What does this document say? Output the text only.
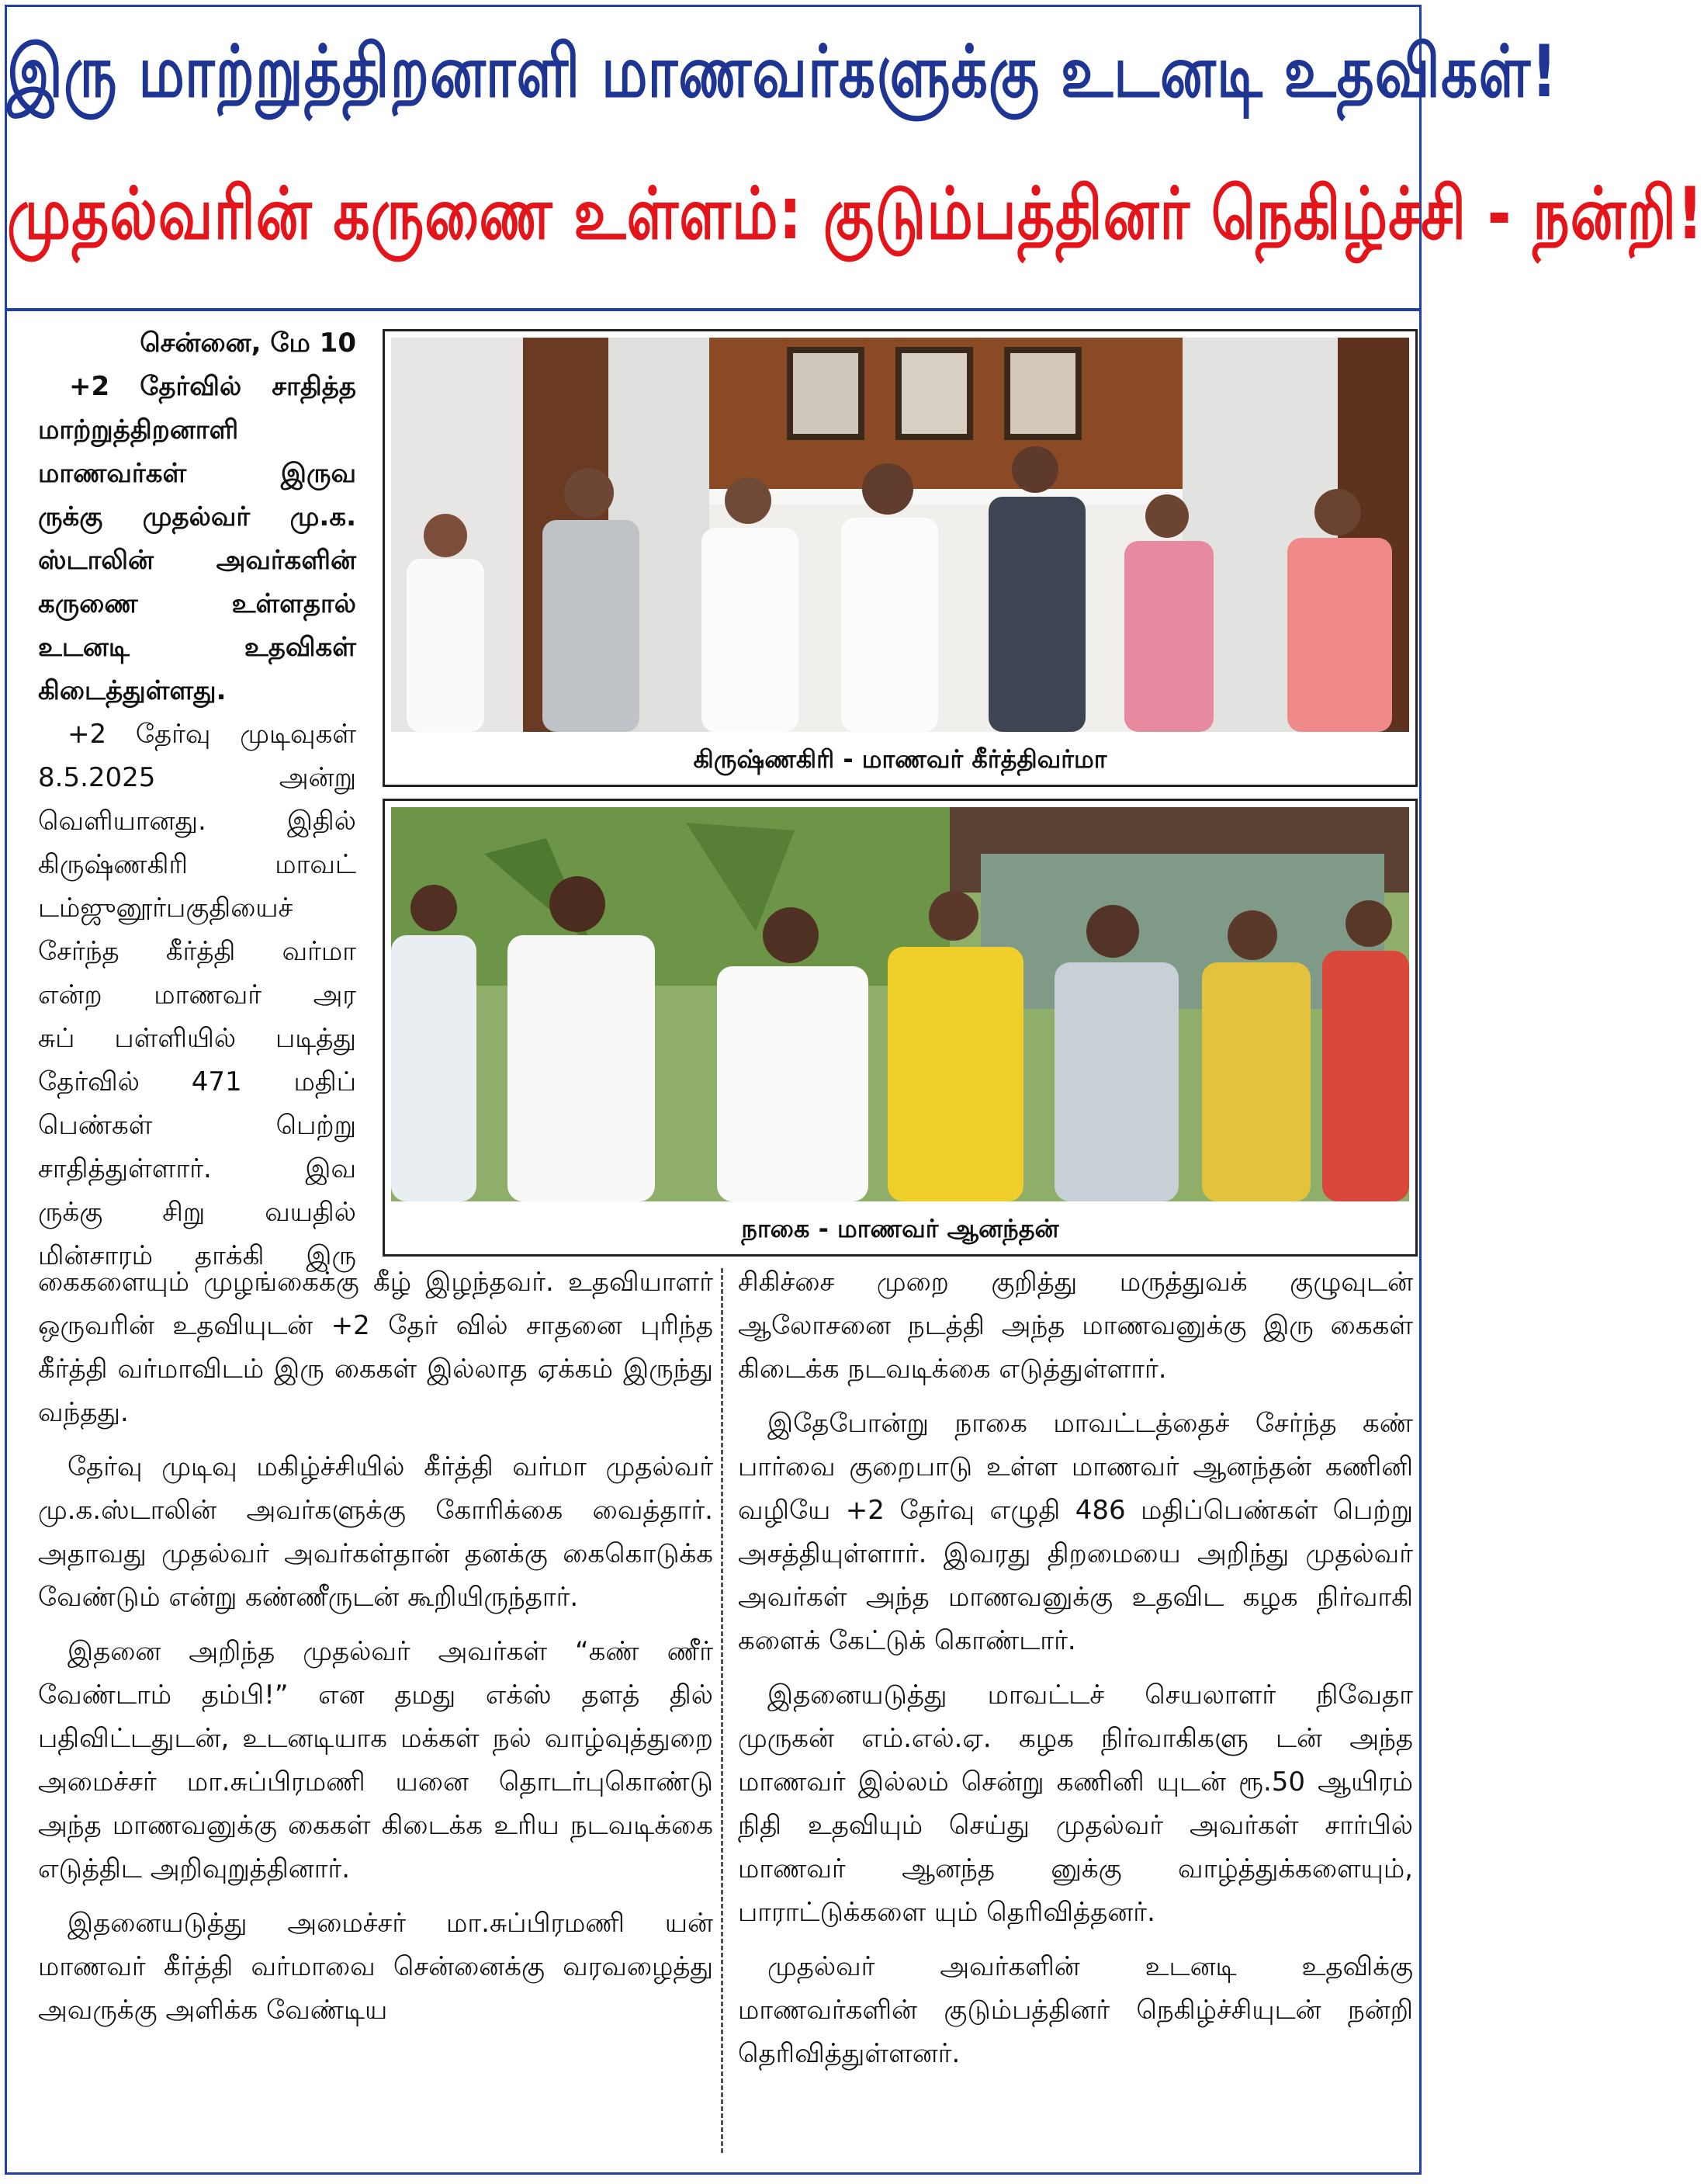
இரு மாற்றுத்திறனாளி மாணவர்களுக்கு உடனடி உதவிகள்!
முதல்வரின் கருணை உள்ளம்: குடும்பத்தினர் நெகிழ்ச்சி - நன்றி!

சென்னை, மே 10

+2 தேர்வில் சாதித்த

மாற்றுத்திறனாளி

மாணவர்கள் இருவ

ருக்கு முதல்வர் மு.க.

ஸ்டாலின் அவர்களின்

கருணை உள்ளதால்

உடனடி உதவிகள்

கிடைத்துள்ளது.

+2 தேர்வு முடிவுகள்

8.5.2025 அன்று

வெளியானது. இதில்

கிருஷ்ணகிரி மாவட்

டம்ஜுனூர்பகுதியைச்

சேர்ந்த கீர்த்தி வர்மா

என்ற மாணவர் அர

சுப் பள்ளியில் படித்து

தேர்வில் 471 மதிப்

பெண்கள் பெற்று

சாதித்துள்ளார். இவ

ருக்கு சிறு வயதில்

மின்சாரம் தாக்கி இரு

கிருஷ்ணகிரி - மாணவர் கீர்த்திவர்மா
நாகை - மாணவர் ஆனந்தன்

கைகளையும் முழங்கைக்கு கீழ் இழந்தவர். உதவியாளர் ஒருவரின் உதவியுடன் +2 தேர் வில் சாதனை புரிந்த கீர்த்தி வர்மாவிடம் இரு கைகள் இல்லாத ஏக்கம் இருந்து வந்தது.

தேர்வு முடிவு மகிழ்ச்சியில் கீர்த்தி வர்மா முதல்வர் மு.க.ஸ்டாலின் அவர்களுக்கு கோரிக்கை வைத்தார். அதாவது முதல்வர் அவர்கள்தான் தனக்கு கைகொடுக்க வேண்டும் என்று கண்ணீருடன் கூறியிருந்தார்.

இதனை அறிந்த முதல்வர் அவர்கள் “கண் ணீர் வேண்டாம் தம்பி!” என தமது எக்ஸ் தளத் தில் பதிவிட்டதுடன், உடனடியாக மக்கள் நல் வாழ்வுத்துறை அமைச்சர் மா.சுப்பிரமணி யனை தொடர்புகொண்டு அந்த மாணவனுக்கு கைகள் கிடைக்க உரிய நடவடிக்கை எடுத்திட அறிவுறுத்தினார்.

இதனையடுத்து அமைச்சர் மா.சுப்பிரமணி யன் மாணவர் கீர்த்தி வர்மாவை சென்னைக்கு வரவழைத்து அவருக்கு அளிக்க வேண்டிய

சிகிச்சை முறை குறித்து மருத்துவக் குழுவுடன் ஆலோசனை நடத்தி அந்த மாணவனுக்கு இரு கைகள் கிடைக்க நடவடிக்கை எடுத்துள்ளார்.

இதேபோன்று நாகை மாவட்டத்தைச் சேர்ந்த கண் பார்வை குறைபாடு உள்ள மாணவர் ஆனந்தன் கணினி வழியே +2 தேர்வு எழுதி 486 மதிப்பெண்கள் பெற்று அசத்தியுள்ளார். இவரது திறமையை அறிந்து முதல்வர் அவர்கள் அந்த மாணவனுக்கு உதவிட கழக நிர்வாகி களைக் கேட்டுக் கொண்டார்.

இதனையடுத்து மாவட்டச் செயலாளர் நிவேதா முருகன் எம்.எல்.ஏ. கழக நிர்வாகிகளு டன் அந்த மாணவர் இல்லம் சென்று கணினி யுடன் ரூ.50 ஆயிரம் நிதி உதவியும் செய்து முதல்வர் அவர்கள் சார்பில் மாணவர் ஆனந்த னுக்கு வாழ்த்துக்களையும், பாராட்டுக்களை யும் தெரிவித்தனர்.

முதல்வர் அவர்களின் உடனடி உதவிக்கு மாணவர்களின் குடும்பத்தினர் நெகிழ்ச்சியுடன் நன்றி தெரிவித்துள்ளனர்.
